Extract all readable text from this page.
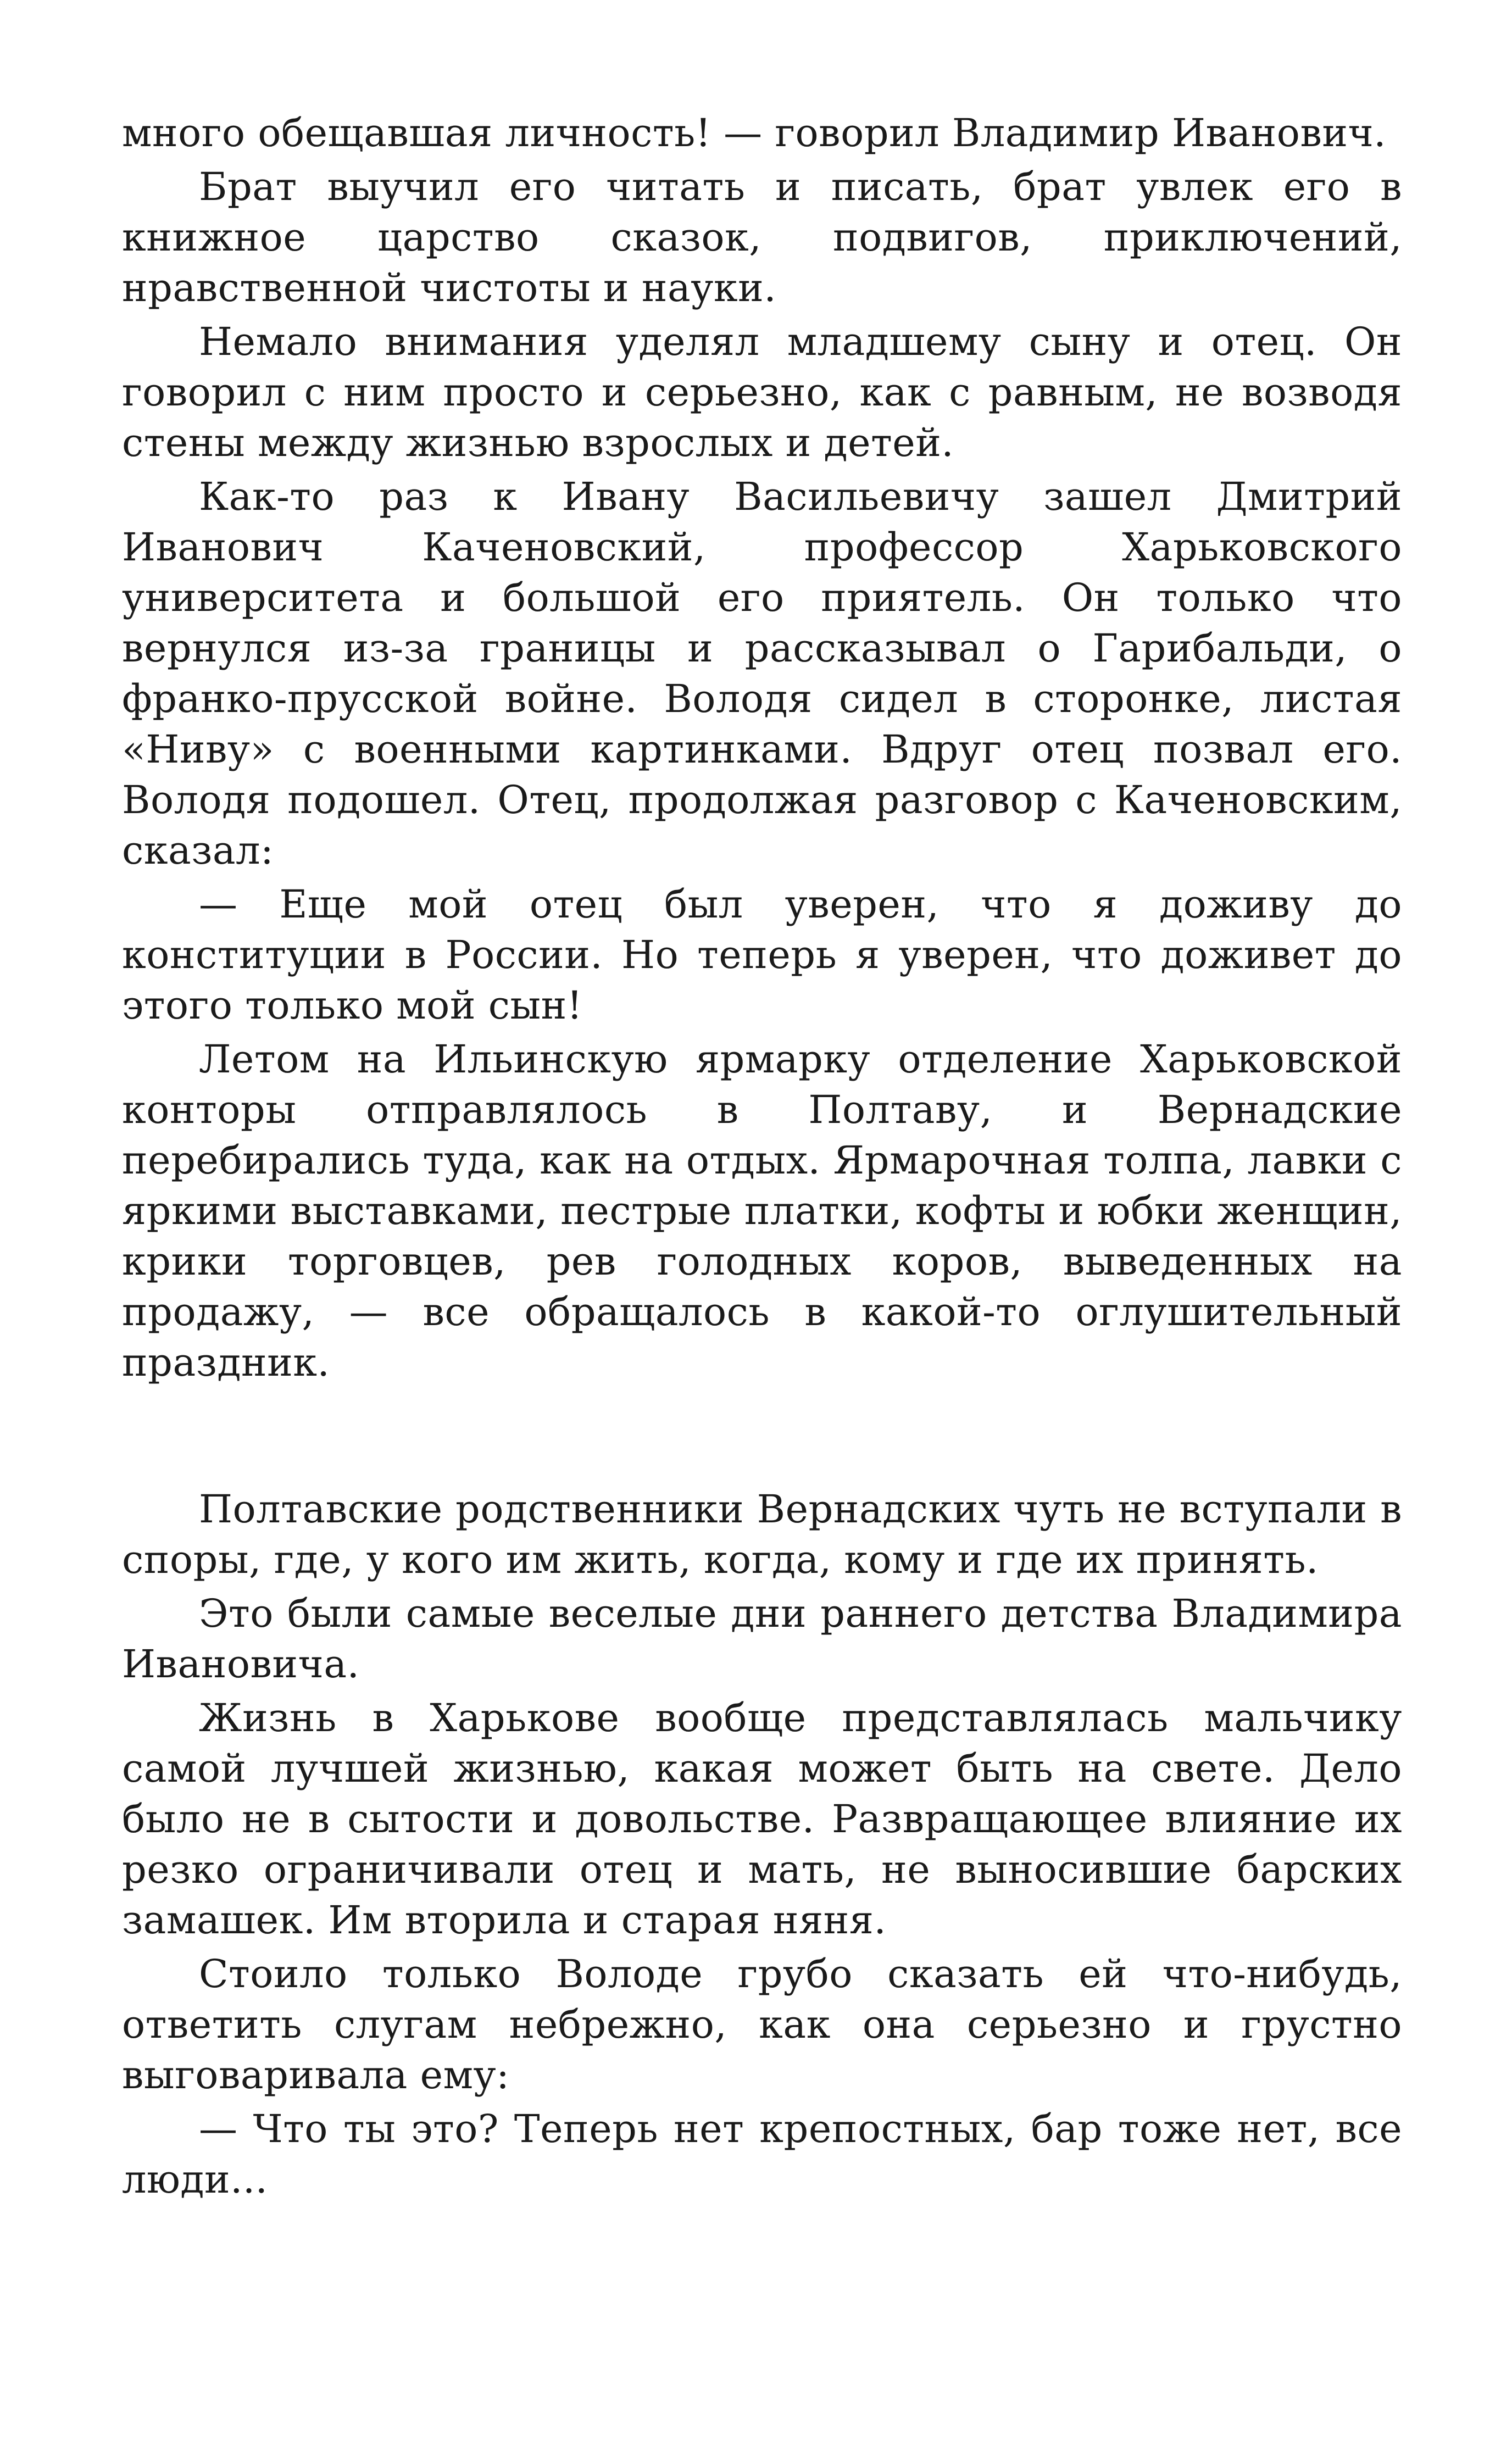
много обещавшая личность! — говорил Владимир Иванович.

Брат выучил его читать и писать, брат увлек его в книжное царство сказок, подвигов, приключений, нравственной чистоты и науки.

Немало внимания уделял младшему сыну и отец. Он говорил с ним просто и серьезно, как с равным, не возводя стены между жизнью взрослых и детей.

Как-то раз к Ивану Васильевичу зашел Дмитрий Иванович Каченовский, профессор Харьковского университета и большой его приятель. Он только что вернулся из-за границы и рассказывал о Гарибальди, о франко-прусской войне. Володя сидел в сторонке, листая «Ниву» с военными картинками. Вдруг отец позвал его. Володя подошел. Отец, продолжая разговор с Каченовским, сказал:

— Еще мой отец был уверен, что я доживу до конституции в России. Но теперь я уверен, что доживет до этого только мой сын!

Летом на Ильинскую ярмарку отделение Харьковской конторы отправлялось в Полтаву, и Вернадские перебирались туда, как на отдых. Ярмарочная толпа, лавки с яркими выставками, пестрые платки, кофты и юбки женщин, крики торговцев, рев голодных коров, выведенных на продажу, — все обращалось в какой-то оглушительный праздник.

Полтавские родственники Вернадских чуть не вступали в споры, где, у кого им жить, когда, кому и где их принять.

Это были самые веселые дни раннего детства Владимира Ивановича.

Жизнь в Харькове вообще представлялась мальчику самой лучшей жизнью, какая может быть на свете. Дело было не в сытости и довольстве. Развращающее влияние их резко ограничивали отец и мать, не выносившие барских замашек. Им вторила и старая няня.

Стоило только Володе грубо сказать ей что-нибудь, ответить слугам небрежно, как она серьезно и грустно выговаривала ему:

— Что ты это? Теперь нет крепостных, бар тоже нет, все люди...
